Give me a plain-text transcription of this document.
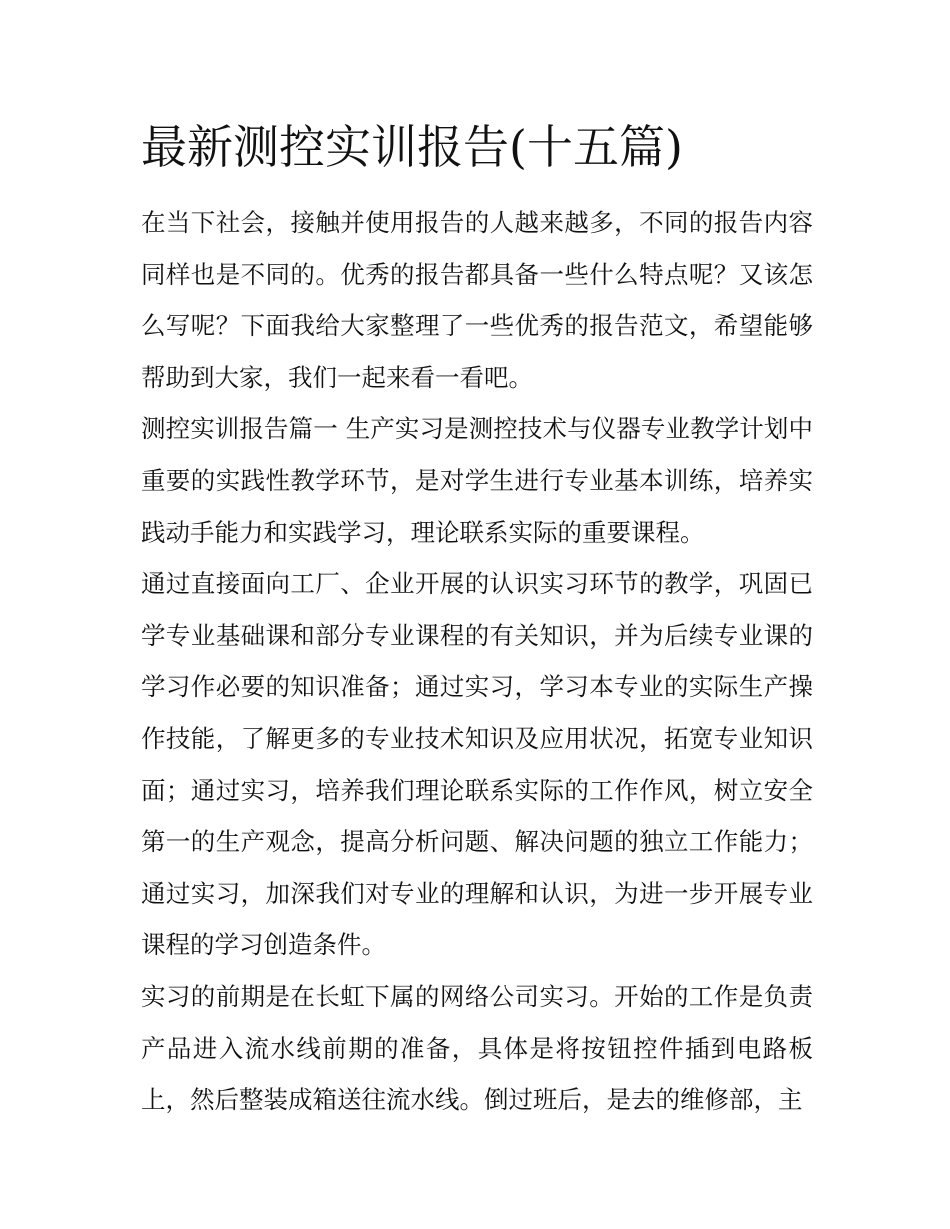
最新测控实训报告(十五篇)

在当下社会，接触并使用报告的人越来越多，不同的报告内容同样也是不同的。优秀的报告都具备一些什么特点呢？又该怎么写呢？下面我给大家整理了一些优秀的报告范文，希望能够帮助到大家，我们一起来看一看吧。

测控实训报告篇一 生产实习是测控技术与仪器专业教学计划中重要的实践性教学环节，是对学生进行专业基本训练，培养实践动手能力和实践学习，理论联系实际的重要课程。

通过直接面向工厂、企业开展的认识实习环节的教学，巩固已学专业基础课和部分专业课程的有关知识，并为后续专业课的学习作必要的知识准备；通过实习，学习本专业的实际生产操作技能，了解更多的专业技术知识及应用状况，拓宽专业知识面；通过实习，培养我们理论联系实际的工作作风，树立安全第一的生产观念，提高分析问题、解决问题的独立工作能力；通过实习，加深我们对专业的理解和认识，为进一步开展专业课程的学习创造条件。

实习的前期是在长虹下属的网络公司实习。开始的工作是负责产品进入流水线前期的准备，具体是将按钮控件插到电路板上，然后整装成箱送往流水线。倒过班后，是去的维修部，主
